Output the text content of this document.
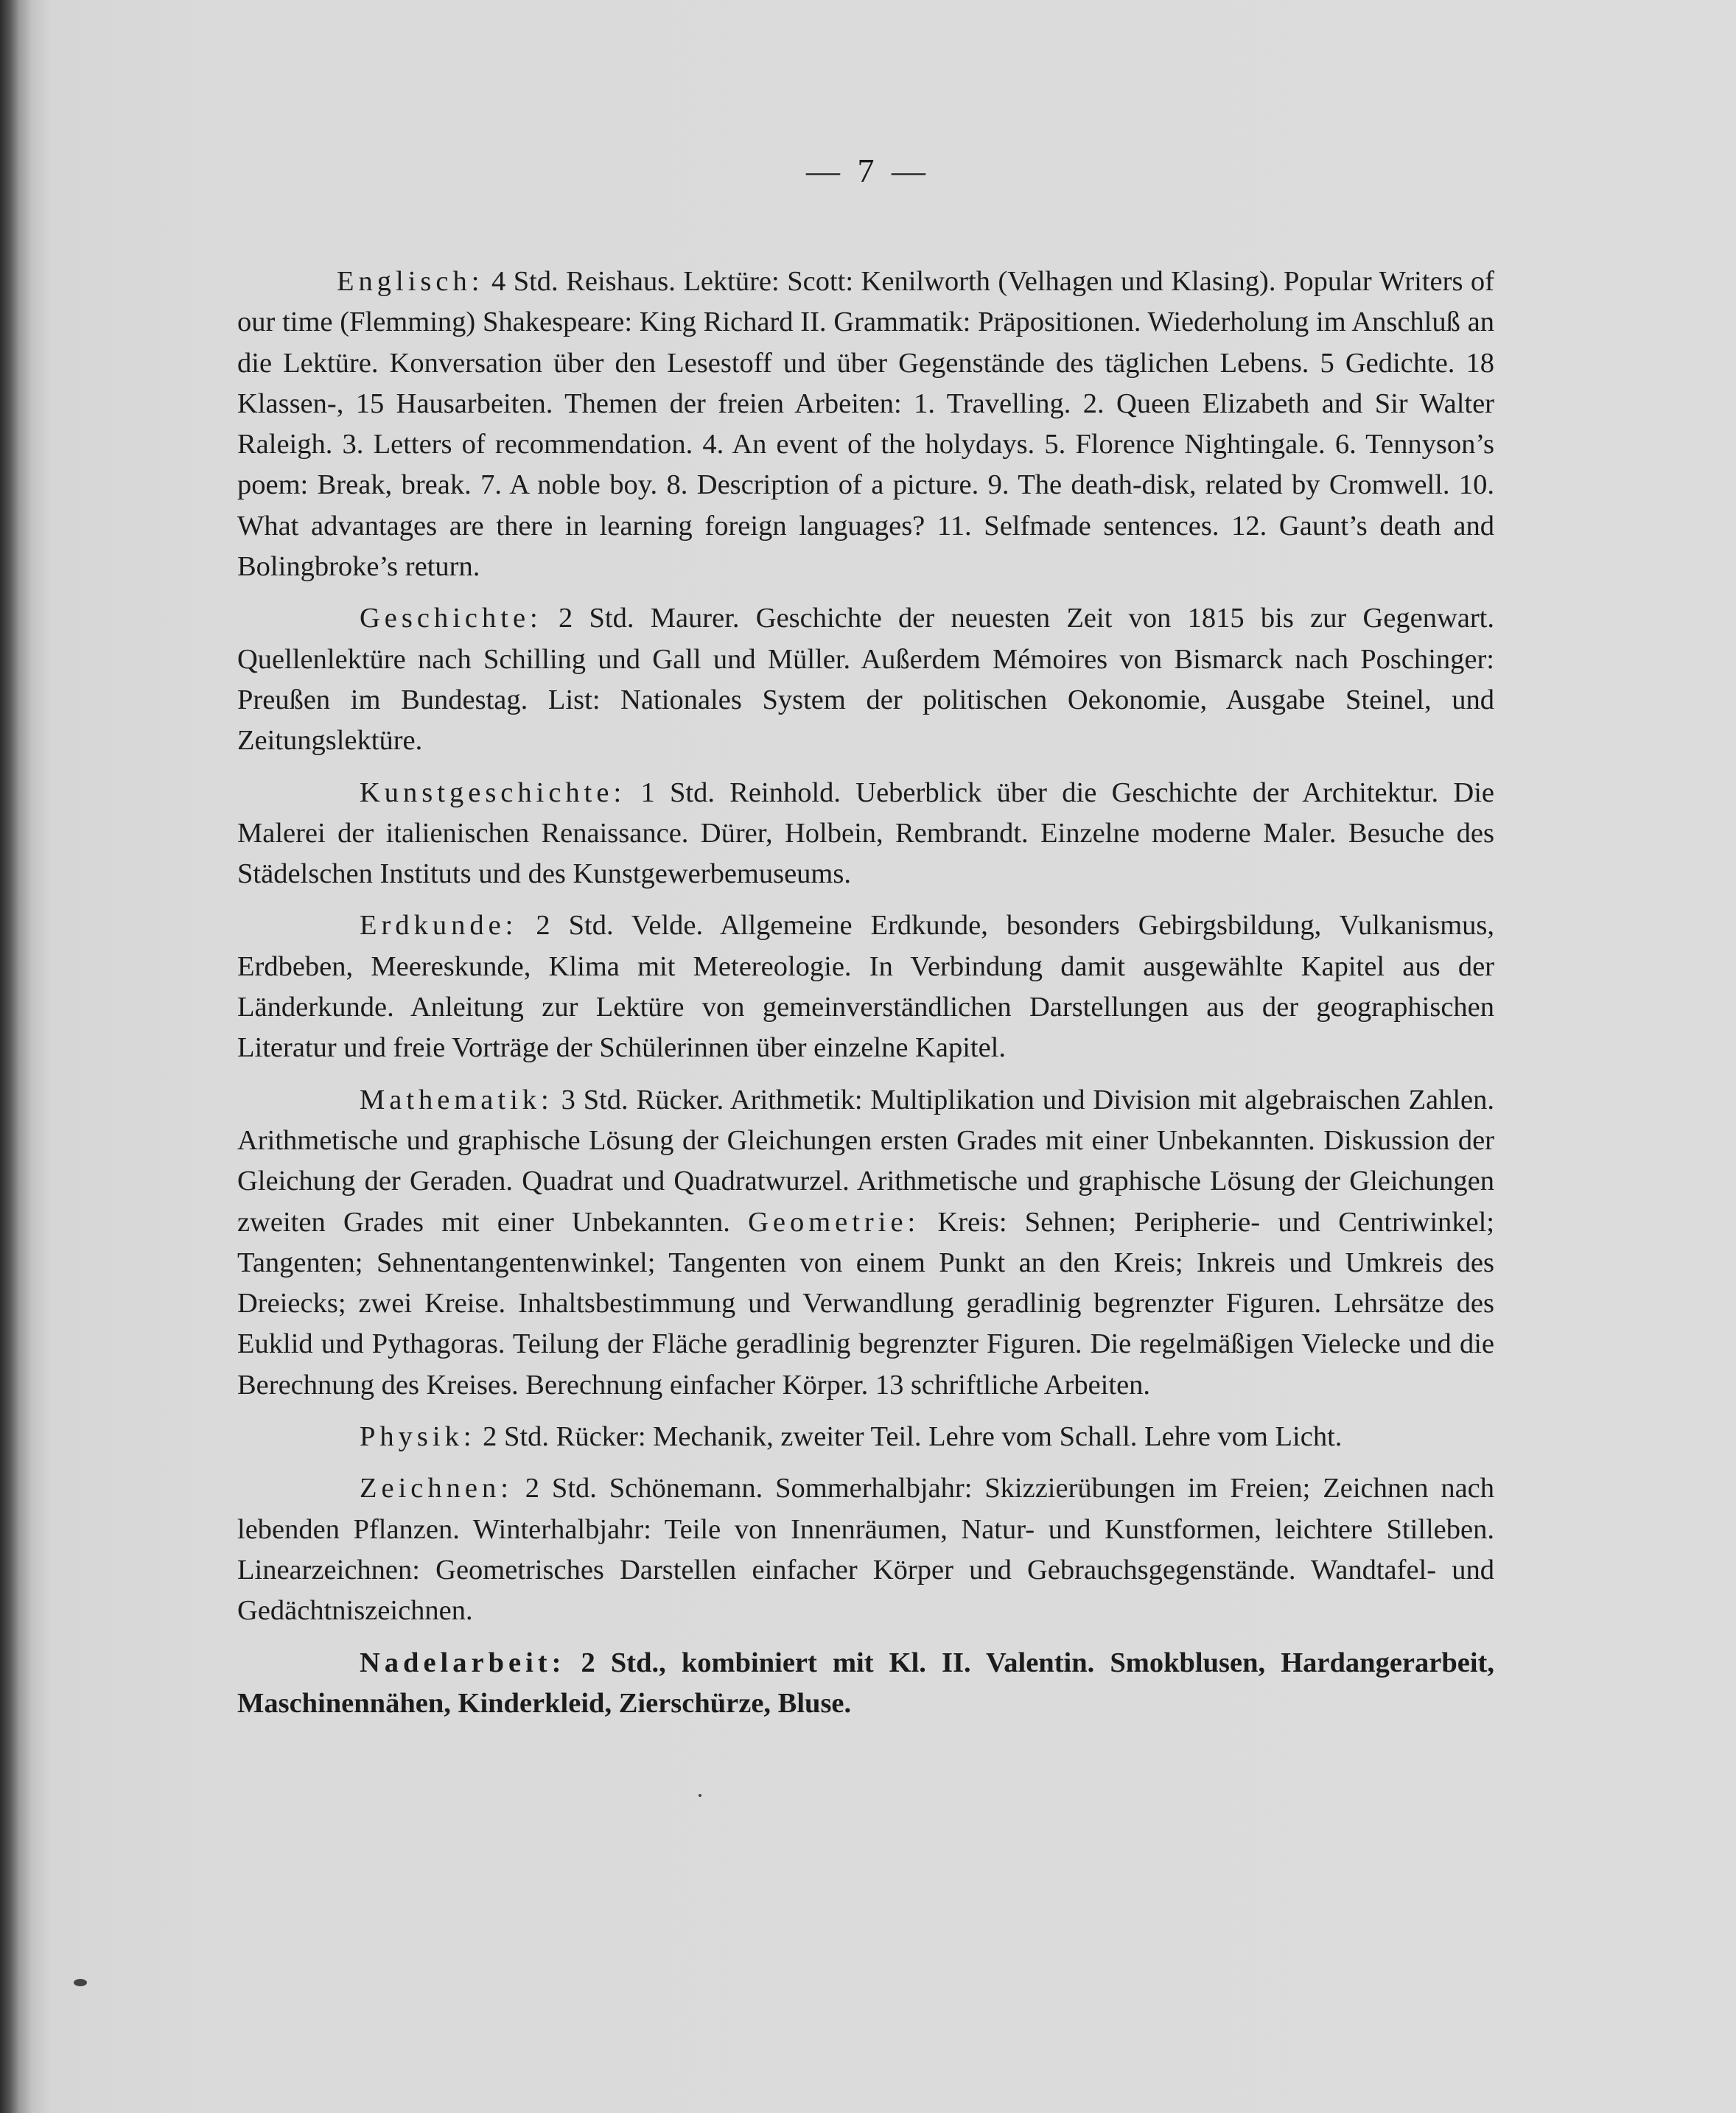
— 7 —

Englisch: 4 Std. Reishaus. Lektüre: Scott: Kenilworth (Velhagen und Klasing). Popular Writers of our time (Flemming) Shakespeare: King Richard II. Grammatik: Präpositionen. Wiederholung im Anschluß an die Lektüre. Konversation über den Lesestoff und über Gegenstände des täglichen Lebens. 5 Gedichte. 18 Klassen-, 15 Hausarbeiten. Themen der freien Arbeiten: 1. Travelling. 2. Queen Elizabeth and Sir Walter Raleigh. 3. Letters of recommendation. 4. An event of the holydays. 5. Florence Nightingale. 6. Tennyson’s poem: Break, break. 7. A noble boy. 8. Description of a picture. 9. The death-disk, related by Cromwell. 10. What advantages are there in learning foreign languages? 11. Selfmade sentences. 12. Gaunt’s death and Bolingbroke’s return.

Geschichte: 2 Std. Maurer. Geschichte der neuesten Zeit von 1815 bis zur Gegenwart. Quellenlektüre nach Schilling und Gall und Müller. Außerdem Mémoires von Bismarck nach Poschinger: Preußen im Bundestag. List: Nationales System der politischen Oekonomie, Ausgabe Steinel, und Zeitungslektüre.

Kunstgeschichte: 1 Std. Reinhold. Ueberblick über die Geschichte der Architektur. Die Malerei der italienischen Renaissance. Dürer, Holbein, Rembrandt. Einzelne moderne Maler. Besuche des Städelschen Instituts und des Kunstgewerbemuseums.

Erdkunde: 2 Std. Velde. Allgemeine Erdkunde, besonders Gebirgsbildung, Vulkanismus, Erdbeben, Meereskunde, Klima mit Metereologie. In Verbindung damit ausgewählte Kapitel aus der Länderkunde. Anleitung zur Lektüre von gemeinverständlichen Darstellungen aus der geographischen Literatur und freie Vorträge der Schülerinnen über einzelne Kapitel.

Mathematik: 3 Std. Rücker. Arithmetik: Multiplikation und Division mit algebraischen Zahlen. Arithmetische und graphische Lösung der Gleichungen ersten Grades mit einer Unbekannten. Diskussion der Gleichung der Geraden. Quadrat und Quadratwurzel. Arithmetische und graphische Lösung der Gleichungen zweiten Grades mit einer Unbekannten. Geometrie: Kreis: Sehnen; Peripherie- und Centriwinkel; Tangenten; Sehnentangentenwinkel; Tangenten von einem Punkt an den Kreis; Inkreis und Umkreis des Dreiecks; zwei Kreise. Inhaltsbestimmung und Verwandlung geradlinig begrenzter Figuren. Lehrsätze des Euklid und Pythagoras. Teilung der Fläche geradlinig begrenzter Figuren. Die regelmäßigen Vielecke und die Berechnung des Kreises. Berechnung einfacher Körper. 13 schriftliche Arbeiten.

Physik: 2 Std. Rücker: Mechanik, zweiter Teil. Lehre vom Schall. Lehre vom Licht.

Zeichnen: 2 Std. Schönemann. Sommerhalbjahr: Skizzierübungen im Freien; Zeichnen nach lebenden Pflanzen. Winterhalbjahr: Teile von Innenräumen, Natur- und Kunstformen, leichtere Stilleben. Linearzeichnen: Geometrisches Darstellen einfacher Körper und Gebrauchsgegenstände. Wandtafel- und Gedächtniszeichnen.

Nadelarbeit: 2 Std., kombiniert mit Kl. II. Valentin. Smokblusen, Hardangerarbeit, Maschinennähen, Kinderkleid, Zierschürze, Bluse.
